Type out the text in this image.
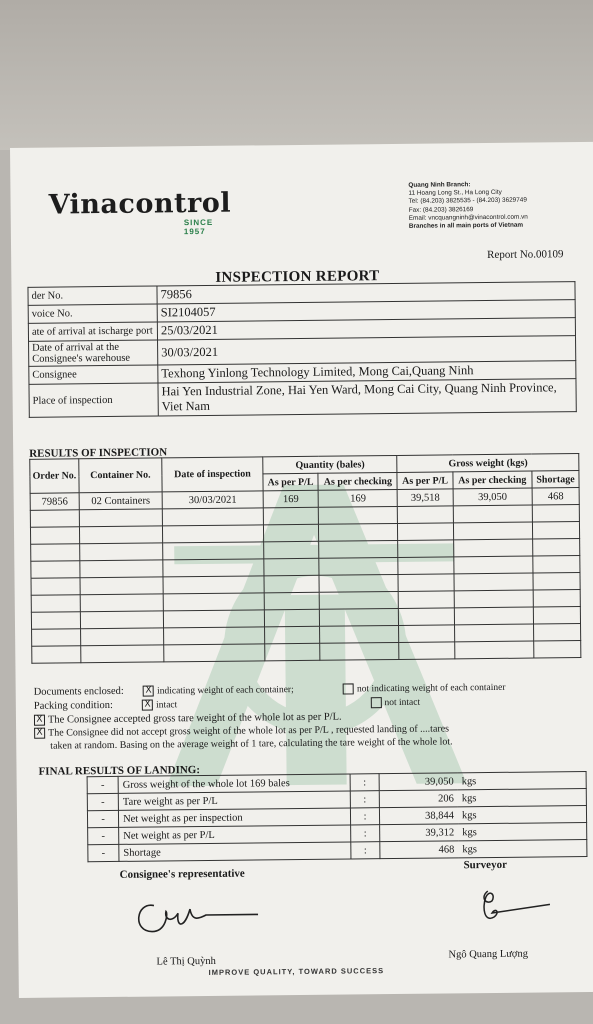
Vinacontrol
SINCE 1957
Quang Ninh Branch:
11 Hoang Long St., Ha Long City
Tel: (84.203) 3825535 - (84.203) 3629749
Fax: (84.203) 3826169
Email: vncquangninh@vinacontrol.com.vn
Branches in all main ports of Vietnam
Report No.00109
INSPECTION REPORT
der No.	79856
voice No.	SI2104057
ate of arrival at ischarge port	25/03/2021
Date of arrival at the Consignee's warehouse	30/03/2021
Consignee	Texhong Yinlong Technology Limited, Mong Cai,Quang Ninh
Place of inspection	Hai Yen Industrial Zone, Hai Yen Ward, Mong Cai City, Quang Ninh Province, Viet Nam
RESULTS OF INSPECTION
Order No.	Container No.	Date of inspection	Quantity (bales)		Gross weight (kgs)		
			As per P/L	As per checking	As per P/L	As per checking	Shortage
79856	02 Containers	30/03/2021	169	169	39,518	39,050	468

Documents enclosed: X indicating weight of each container;	not indicating weight of each container
Packing condition:	X intact	not intact
X The Consignee accepted gross tare weight of the whole lot as per P/L.
X The Consignee did not accept gross weight of the whole lot as per P/L , requested landing of ....tares
taken at random. Basing on the average weight of 1 tare, calculating the tare weight of the whole lot.
FINAL RESULTS OF LANDING:
-	Gross weight of the whole lot 169 bales	:	39,050	kgs
-	Tare weight as per P/L	:	206	kgs
-	Net weight as per inspection	:	38,844	kgs
-	Net weight as per P/L	:	39,312	kgs
-	Shortage	:	468	kgs
Consignee's representative
Surveyor
Lê Thị Quỳnh
Ngô Quang Lượng
IMPROVE QUALITY, TOWARD SUCCESS
